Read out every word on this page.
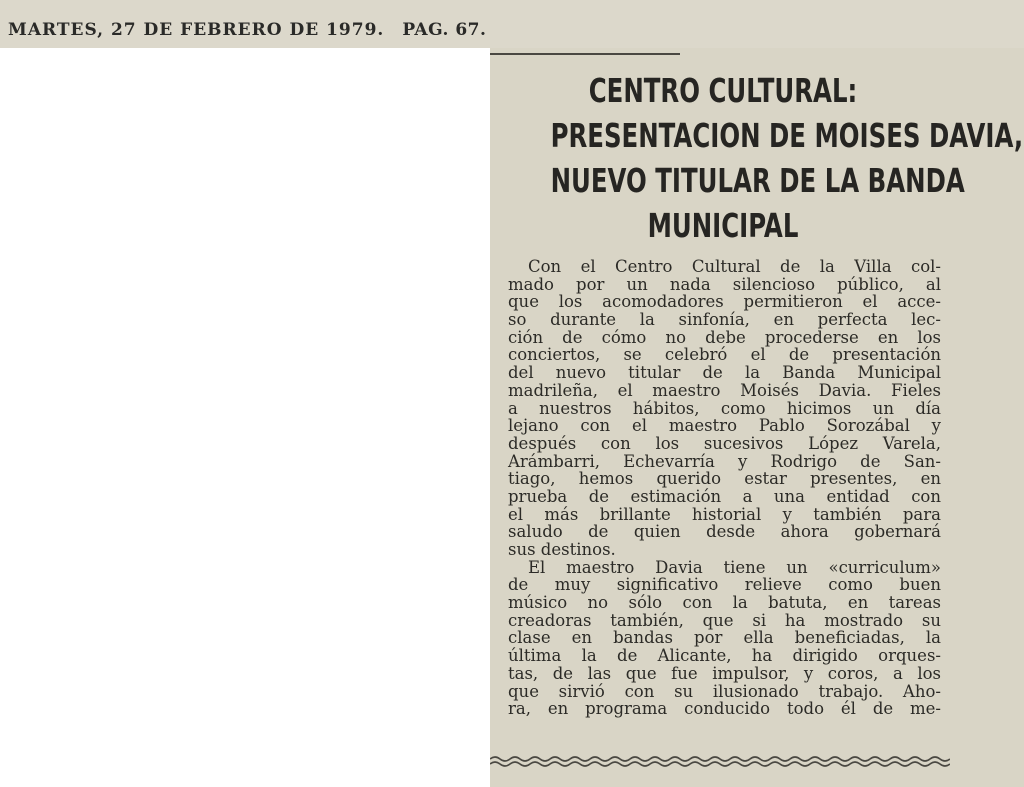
MARTES, 27 DE FEBRERO DE 1979. PAG. 67.
CENTRO CULTURAL:
PRESENTACION DE MOISES DAVIA,
NUEVO TITULAR DE LA BANDA
MUNICIPAL
Con el Centro Cultural de la Villa col-
mado por un nada silencioso público, al
que los acomodadores permitieron el acce-
so durante la sinfonía, en perfecta lec-
ción de cómo no debe procederse en los
conciertos, se celebró el de presentación
del nuevo titular de la Banda Municipal
madrileña, el maestro Moisés Davia. Fieles
a nuestros hábitos, como hicimos un día
lejano con el maestro Pablo Sorozábal y
después con los sucesivos López Varela,
Arámbarri, Echevarría y Rodrigo de San-
tiago, hemos querido estar presentes, en
prueba de estimación a una entidad con
el más brillante historial y también para
saludo de quien desde ahora gobernará
sus destinos.
El maestro Davia tiene un «curriculum»
de muy significativo relieve como buen
músico no sólo con la batuta, en tareas
creadoras también, que si ha mostrado su
clase en bandas por ella beneficiadas, la
última la de Alicante, ha dirigido orques-
tas, de las que fue impulsor, y coros, a los
que sirvió con su ilusionado trabajo. Aho-
ra, en programa conducido todo él de me-
